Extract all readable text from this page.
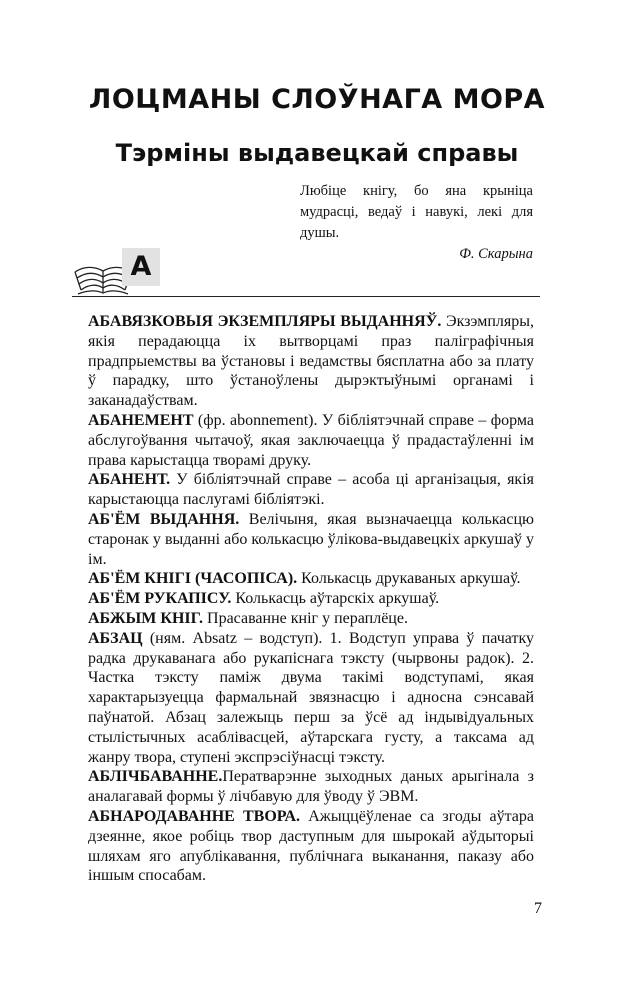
ЛОЦМАНЫ СЛОЎНАГА МОРА
Тэрміны выдавецкай справы
Любіце кнігу, бо яна крыніца мудрасці, ведаў і навукі, лекі для душы.
Ф. Скарына
А

АБАВЯЗКОВЫЯ ЭКЗЕМПЛЯРЫ ВЫДАННЯЎ. Экзэмпляры, якія перадаюцца іх вытворцамі праз паліграфічныя прадпрыемствы ва ўстановы і ведамствы бясплатна або за плату ў парадку, што ўстаноўлены дырэктыўнымі органамі і заканадаўствам.

АБАНЕМЕНТ (фр. abonnement). У бібліятэчнай справе – форма абслугоўвання чытачоў, якая заключаецца ў прадастаўленні ім права карыстацца творамі друку.

АБАНЕНТ. У бібліятэчнай справе – асоба ці арганізацыя, якія карыстаюцца паслугамі бібліятэкі.

АБ'ЁМ ВЫДАННЯ. Велічыня, якая вызначаецца колькасцю старонак у выданні або колькасцю ўлікова-выдавецкіх аркушаў у ім.

АБ'ЁМ КНІГІ (ЧАСОПІСА). Колькасць друкаваных аркушаў.

АБ'ЁМ РУКАПІСУ. Колькасць аўтарскіх аркушаў.

АБЖЫМ КНІГ. Прасаванне кніг у пераплёце.

АБЗАЦ (ням. Absatz – водступ). 1. Водступ управа ў пачатку радка друкаванага або рукапіснага тэксту (чырвоны радок). 2. Частка тэксту паміж двума такімі водступамі, якая характарызуецца фармальнай звязнасцю і адносна сэнсавай паўнатой. Абзац залежыць перш за ўсё ад індывідуальных стылістычных асаблівасцей, аўтарскага густу, а таксама ад жанру твора, ступені экспрэсіўнасці тэксту.

АБЛІЧБАВАННЕ.Ператварэнне зыходных даных арыгінала з аналагавай формы ў лічбавую для ўводу ў ЭВМ.

АБНАРОДАВАННЕ ТВОРА. Ажыццёўленае са згоды аўтара дзеянне, якое робіць твор даступным для шырокай аўдыторыі шляхам яго апублікавання, публічнага выканання, паказу або іншым спосабам.

7
